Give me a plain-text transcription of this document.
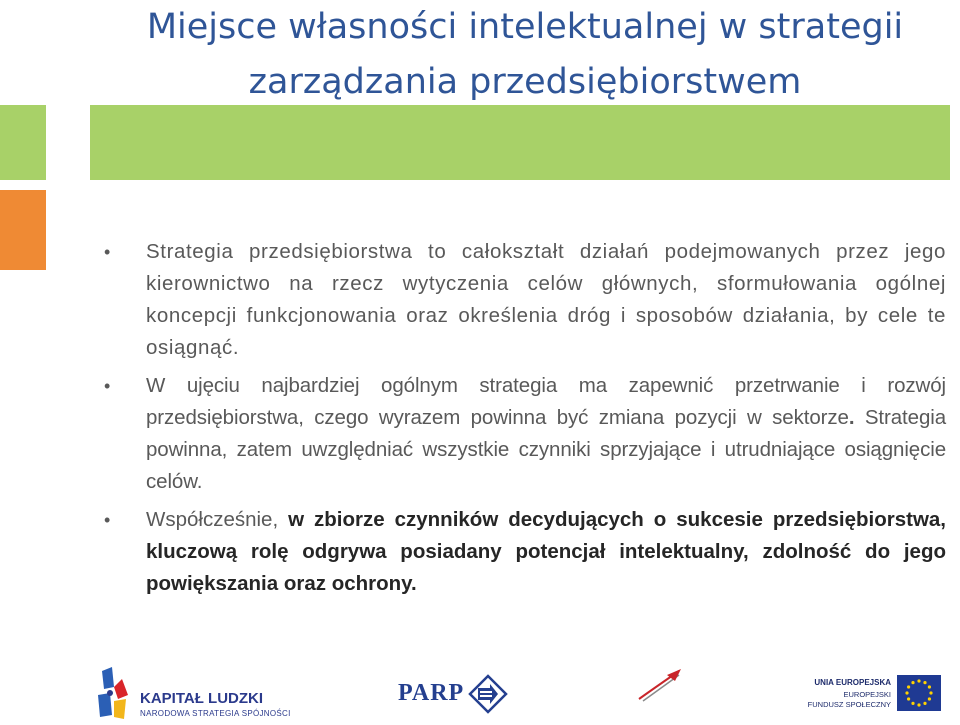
Miejsce własności intelektualnej w strategii
zarządzania przedsiębiorstwem

• Strategia przedsiębiorstwa to całokształt działań podejmowanych przez jego kierownictwo na rzecz wytyczenia celów głównych, sformułowania ogólnej koncepcji funkcjonowania oraz określenia dróg i sposobów działania, by cele te osiągnąć.

• W ujęciu najbardziej ogólnym strategia ma zapewnić przetrwanie i rozwój przedsiębiorstwa, czego wyrazem powinna być zmiana pozycji w sektorze. Strategia powinna, zatem uwzględniać wszystkie czynniki sprzyjające i utrudniające osiągnięcie celów.

• Współcześnie, w zbiorze czynników decydujących o sukcesie przedsiębiorstwa, kluczową rolę odgrywa posiadany potencjał intelektualny, zdolność do jego powiększania oraz ochrony.

KAPITAŁ LUDZKI
NARODOWA STRATEGIA SPÓJNOŚCI
PARP	UNIA EUROPEJSKA
EUROPEJSKI
FUNDUSZ SPOŁECZNY
